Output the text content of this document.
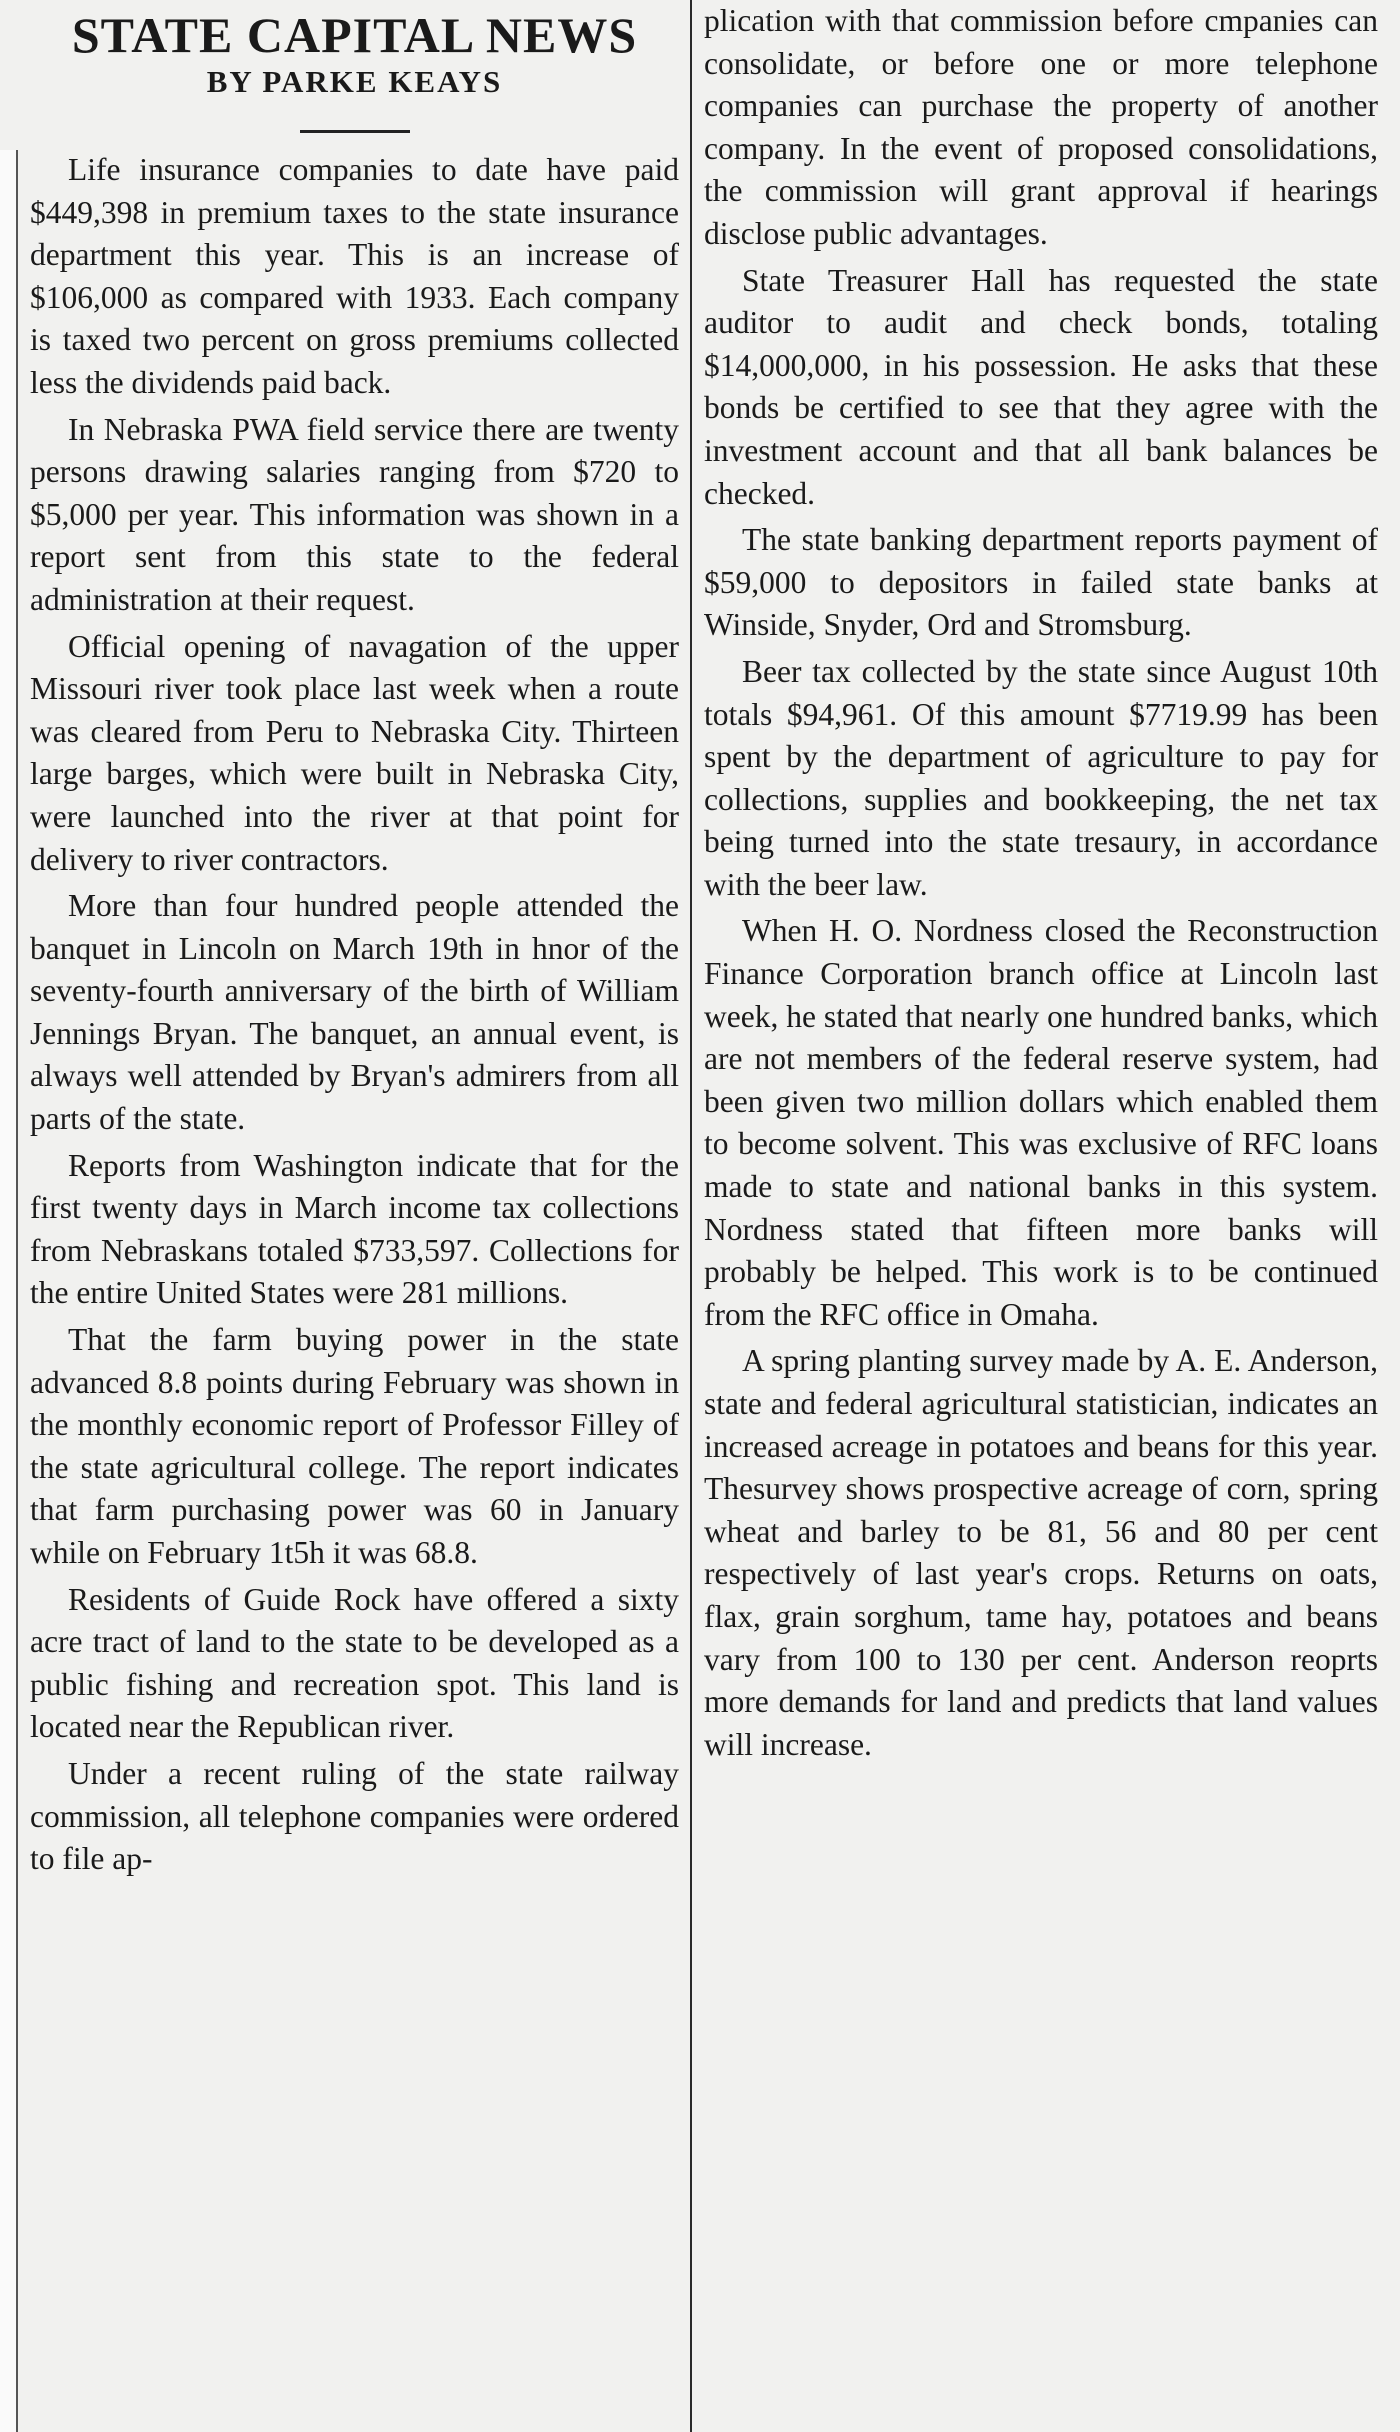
STATE CAPITAL NEWS
BY PARKE KEAYS

Life insurance companies to date have paid $449,398 in premium taxes to the state insurance department this year. This is an increase of $106,000 as compared with 1933. Each company is taxed two percent on gross premiums collected less the dividends paid back.

In Nebraska PWA field service there are twenty persons drawing salaries ranging from $720 to $5,000 per year. This information was shown in a report sent from this state to the federal administration at their request.

Official opening of navagation of the upper Missouri river took place last week when a route was cleared from Peru to Nebraska City. Thirteen large barges, which were built in Nebraska City, were launched into the river at that point for delivery to river contractors.

More than four hundred people attended the banquet in Lincoln on March 19th in hnor of the seventy-fourth anniversary of the birth of William Jennings Bryan. The banquet, an annual event, is always well attended by Bryan's admirers from all parts of the state.

Reports from Washington indicate that for the first twenty days in March income tax collections from Nebraskans totaled $733,597. Collections for the entire United States were 281 millions.

That the farm buying power in the state advanced 8.8 points during February was shown in the monthly economic report of Professor Filley of the state agricultural college. The report indicates that farm purchasing power was 60 in January while on February 1t5h it was 68.8.

Residents of Guide Rock have offered a sixty acre tract of land to the state to be developed as a public fishing and recreation spot. This land is located near the Republican river.

Under a recent ruling of the state railway commission, all telephone companies were ordered to file ap-

plication with that commission before cmpanies can consolidate, or before one or more telephone companies can purchase the property of another company. In the event of proposed consolidations, the commission will grant approval if hearings disclose public advantages.

State Treasurer Hall has requested the state auditor to audit and check bonds, totaling $14,000,000, in his possession. He asks that these bonds be certified to see that they agree with the investment account and that all bank balances be checked.

The state banking department reports payment of $59,000 to depositors in failed state banks at Winside, Snyder, Ord and Stromsburg.

Beer tax collected by the state since August 10th totals $94,961. Of this amount $7719.99 has been spent by the department of agriculture to pay for collections, supplies and bookkeeping, the net tax being turned into the state tresaury, in accordance with the beer law.

When H. O. Nordness closed the Reconstruction Finance Corporation branch office at Lincoln last week, he stated that nearly one hundred banks, which are not members of the federal reserve system, had been given two million dollars which enabled them to become solvent. This was exclusive of RFC loans made to state and national banks in this system. Nordness stated that fifteen more banks will probably be helped. This work is to be continued from the RFC office in Omaha.

A spring planting survey made by A. E. Anderson, state and federal agricultural statistician, indicates an increased acreage in potatoes and beans for this year. Thesurvey shows prospective acreage of corn, spring wheat and barley to be 81, 56 and 80 per cent respectively of last year's crops. Returns on oats, flax, grain sorghum, tame hay, potatoes and beans vary from 100 to 130 per cent. Anderson reoprts more demands for land and predicts that land values will increase.
